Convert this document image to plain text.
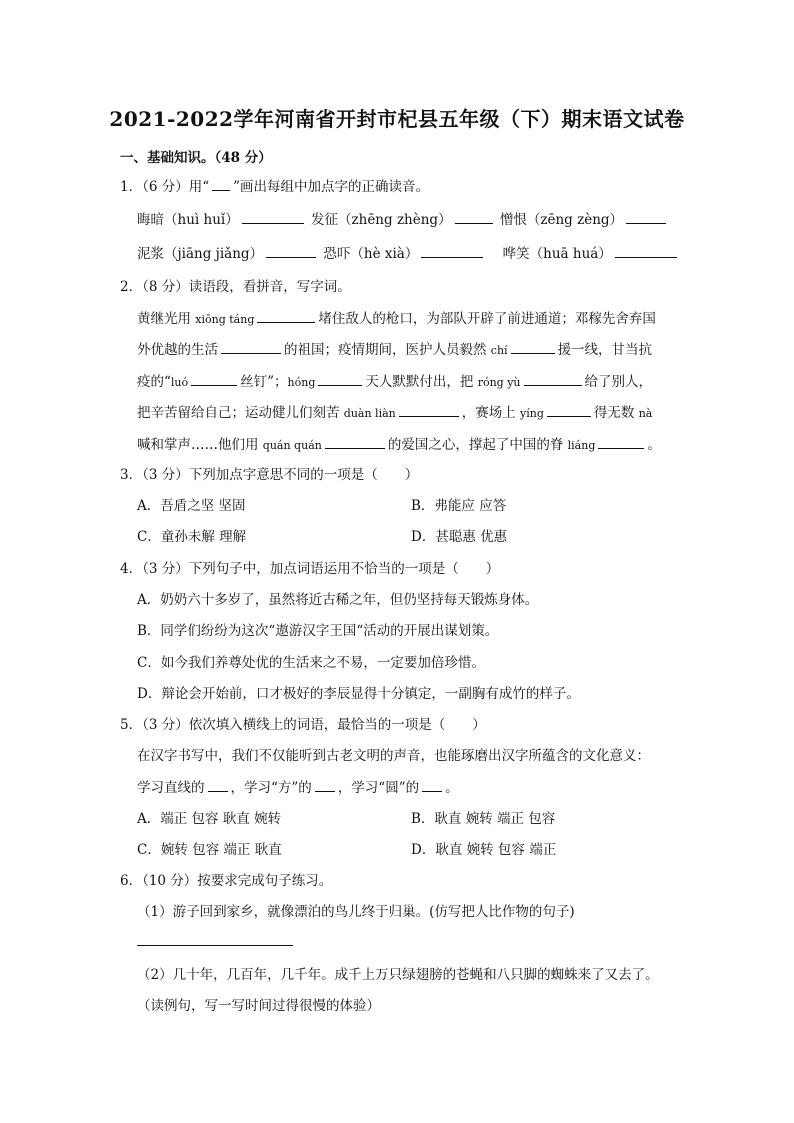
2021-2022学年河南省开封市杞县五年级（下）期末语文试卷
一、基础知识。（48 分）
1．（6 分）用“ ”画出每组中加点字的正确读音。
晦暗（huì huǐ）	发征（zhēng zhèng）	憎恨（zēng zèng）
泥浆（jiāng jiǎng）	恐吓（hè xià）	哗笑（huā huá）
2．（8 分）读语段，看拼音，写字词。
黄继光用 xiōng táng	堵住敌人的枪口，为部队开辟了前进通道；邓稼先舍弃国
外优越的生活	的祖国；疫情期间，医护人员毅然 chí	援一线，甘当抗
疫的“luó	丝钉”；hóng	天人默默付出，把 róng yù	给了别人，
把辛苦留给自己；运动健儿们刻苦 duàn liàn	，赛场上 yíng	得无数 nà
喊和掌声……他们用 quán quán	的爱国之心，撑起了中国的脊 liáng	。
3．（3 分）下列加点字意思不同的一项是（　　）
A．吾盾之坚 坚固	B．弗能应 应答
C．童孙未解 理解	D．甚聪惠 优惠
4．（3 分）下列句子中，加点词语运用不恰当的一项是（　　）
A．奶奶六十多岁了，虽然将近古稀之年，但仍坚持每天锻炼身体。
B．同学们纷纷为这次“遨游汉字王国“活动的开展出谋划策。
C．如今我们养尊处优的生活来之不易，一定要加倍珍惜。
D．辩论会开始前，口才极好的李辰显得十分镇定，一副胸有成竹的样子。
5．（3 分）依次填入横线上的词语，最恰当的一项是（　　）
在汉字书写中，我们不仅能听到古老文明的声音，也能琢磨出汉字所蕴含的文化意义：
学习直线的 ，学习“方”的 ，学习“圆”的 。
A．端正 包容 耿直 婉转	B．耿直 婉转 端正 包容
C．婉转 包容 端正 耿直	D．耿直 婉转 包容 端正
6．（10 分）按要求完成句子练习。
（1）游子回到家乡，就像漂泊的鸟儿终于归巢。(仿写把人比作物的句子)
（2）几十年，几百年，几千年。成千上万只绿翅膀的苍蝇和八只脚的蜘蛛来了又去了。
（读例句，写一写时间过得很慢的体验）
